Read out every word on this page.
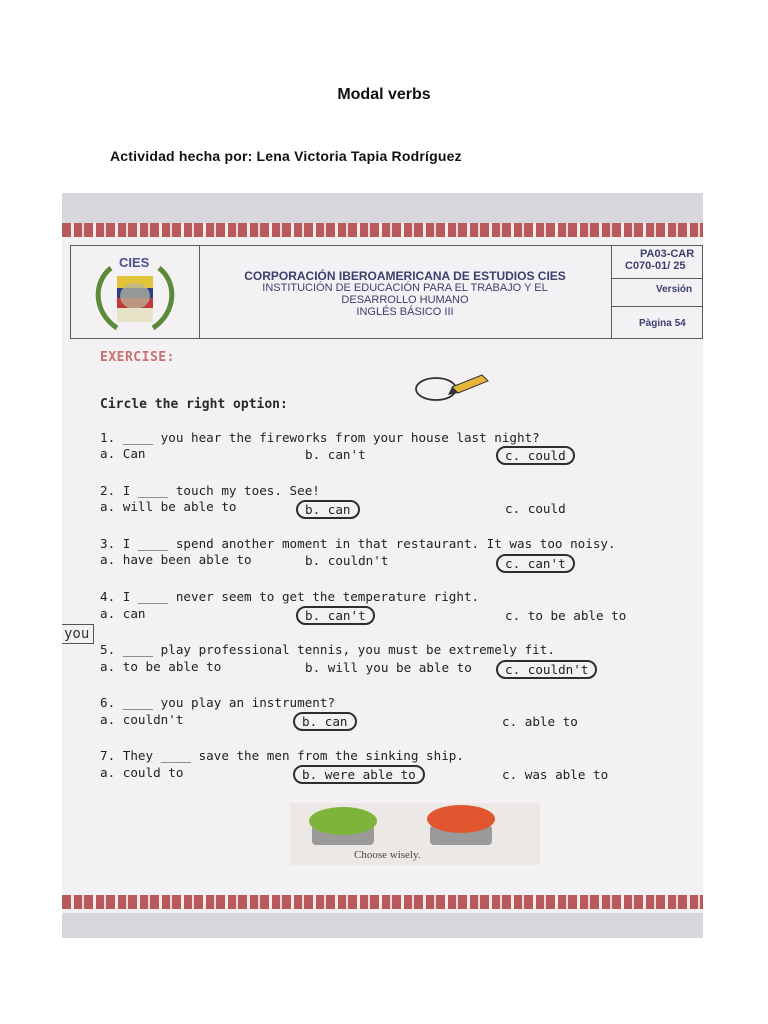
Modal verbs
Actividad hecha por: Lena Victoria Tapia Rodríguez
CIES
CORPORACIÓN IBEROAMERICANA DE ESTUDIOS CIES
INSTITUCIÓN DE EDUCACIÓN PARA EL TRABAJO Y EL
DESARROLLO HUMANO
INGLÉS BÁSICO III
PA03-CAR
C070-01/ 25
Versión
Pàgina 54
EXERCISE:
Circle the right option:
1. ____ you hear the fireworks from your house last night?
a. Can	b. can't	c. could
2. I ____ touch my toes. See!
a. will be able to	b. can	c. could
3. I ____ spend another moment in that restaurant. It was too noisy.
a. have been able to	b. couldn't	c. can't
4. I ____ never seem to get the temperature right.
a. can	b. can't	c. to be able to
you
5. ____ play professional tennis, you must be extremely fit.
a. to be able to	b. will you be able to	c. couldn't
6. ____ you play an instrument?
a. couldn't	b. can	c. able to
7. They ____ save the men from the sinking ship.
a. could to	b. were able to	c. was able to
Choose wisely.
